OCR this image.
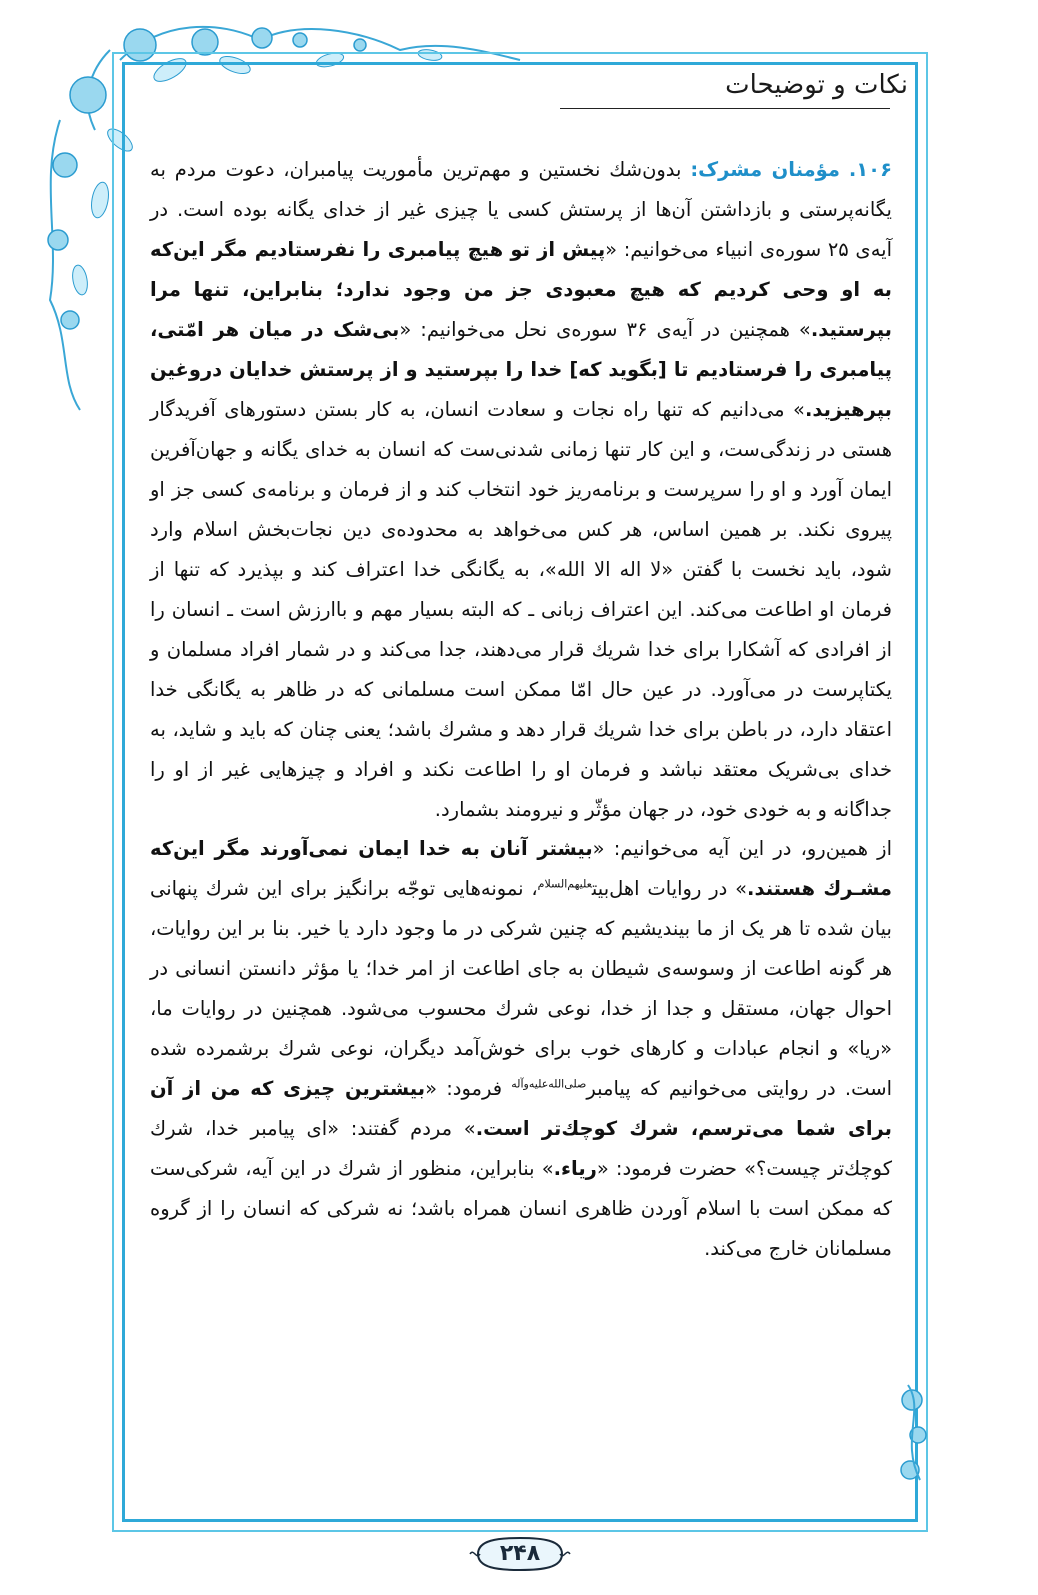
نکات و توضیحات

۱۰۶. مؤمنان مشرک: بدون‌شك نخستين و مهم‌ترين مأموريت پيامبران، دعوت مردم به يگانه‌پرستی و بازداشتن آن‌ها از پرستش كسی يا چيزی غير از خدای يگانه بوده است. در آيه‌ی ۲۵ سوره‌ی انبياء می‌خوانيم: «پيش از تو هيچ پيامبری را نفرستاديم مگر اين‌كه به او وحی كرديم كه هيچ معبودی جز من وجود ندارد؛ بنابراين، تنها مرا بپرستيد.» همچنين در آيه‌ی ۳۶ سوره‌ی نحل می‌خوانيم: «بی‌شک در ميان هر امّتی، پيامبری را فرستاديم تا [بگويد كه] خدا را بپرستيد و از پرستش خدايان دروغين بپرهيزيد.» می‌دانيم كه تنها راه نجات و سعادت انسان، به كار بستن دستورهای آفريدگار هستی در زندگی‌ست، و اين كار تنها زمانی شدنی‌ست كه انسان به خدای يگانه و جهان‌آفرين ايمان آورد و او را سرپرست و برنامه‌ريز خود انتخاب كند و از فرمان و برنامه‌ی كسی جز او پيروی نكند. بر همين اساس، هر كس می‌خواهد به محدوده‌ی دين نجات‌بخش اسلام وارد شود، بايد نخست با گفتن «لا اله الا الله»، به يگانگی خدا اعتراف كند و بپذيرد كه تنها از فرمان او اطاعت می‌كند. اين اعتراف زبانی ـ كه البته بسيار مهم و باارزش است ـ انسان را از افرادی كه آشكارا برای خدا شريك قرار می‌دهند، جدا می‌كند و در شمار افراد مسلمان و يكتاپرست در می‌آورد. در عين حال امّا ممكن است مسلمانی كه در ظاهر به يگانگی خدا اعتقاد دارد، در باطن برای خدا شريك قرار دهد و مشرك باشد؛ يعنی چنان كه بايد و شايد، به خدای بی‌شريک معتقد نباشد و فرمان او را اطاعت نكند و افراد و چيزهايی غير از او را جداگانه و به خودی خود، در جهان مؤثّر و نيرومند بشمارد.

از همين‌رو، در اين آيه می‌خوانيم: «بيشتر آنان به خدا ايمان نمی‌آورند مگر اين‌كه مشـرك هستند.» در روايات اهل‌بيت$^{علیهم‌السلام}$، نمونه‌هايی توجّه برانگيز برای اين شرك پنهانی بيان شده تا هر يک از ما بينديشيم كه چنين شركی در ما وجود دارد يا خير. بنا بر اين روايات، هر گونه اطاعت از وسوسه‌ی شيطان به جای اطاعت از امر خدا؛ يا مؤثر دانستن انسانی در احوال جهان، مستقل و جدا از خدا، نوعی شرك محسوب می‌شود. همچنين در روايات ما، «ريا» و انجام عبادات و كارهای خوب برای خوش‌آمد ديگران، نوعی شرك برشمرده شده است. در روايتی می‌خوانيم كه پيامبر$^{صلی‌الله‌علیه‌وآله}$ فرمود: «بيشترين چيزی كه من از آن برای شما می‌ترسم، شرك كوچك‌تر است.» مردم گفتند: «ای پيامبر خدا، شرك كوچك‌تر چيست؟» حضرت فرمود: «رياء.» بنابراين، منظور از شرك در اين آيه، شركی‌ست كه ممكن است با اسلام آوردن ظاهری انسان همراه باشد؛ نه شركی كه انسان را از گروه مسلمانان خارج می‌كند.

۲۴۸
